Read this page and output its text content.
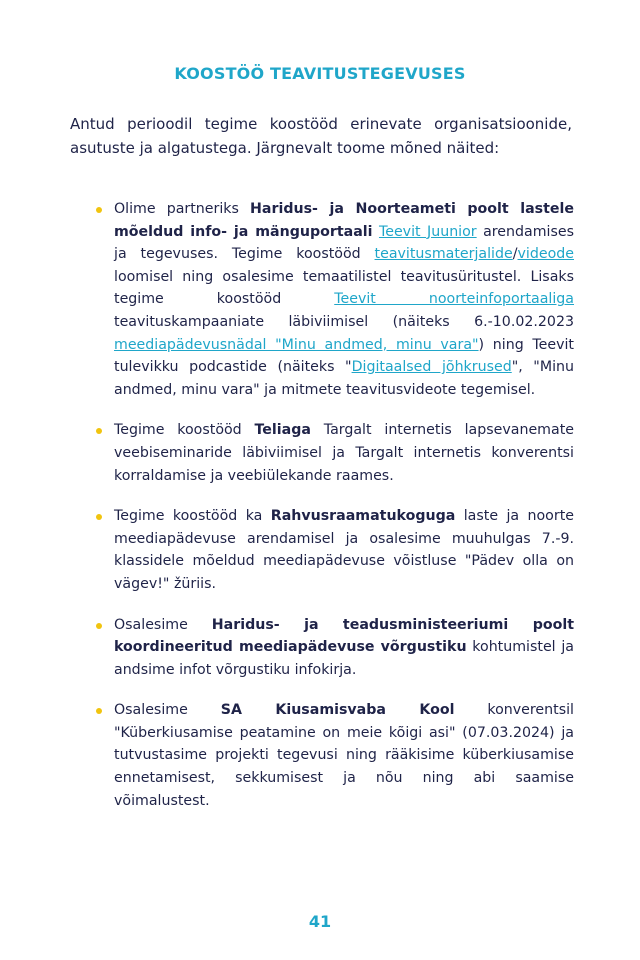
KOOSTÖÖ TEAVITUSTEGEVUSES

Antud perioodil tegime koostööd erinevate organisatsioonide, asutuste ja algatustega. Järgnevalt toome mõned näited:

Olime partneriks Haridus- ja Noorteameti poolt lastele mõeldud info- ja mänguportaali Teevit Juunior arendamises ja tegevuses. Tegime koostööd teavitusmaterjalide/videode loomisel ning osalesime temaatilistel teavitusüritustel. Lisaks tegime koostööd Teevit noorteinfoportaaliga teavituskampaaniate läbiviimisel (näiteks 6.-10.02.2023 meediapädevusnädal "Minu andmed, minu vara") ning Teevit tulevikku podcastide (näiteks "Digitaalsed jõhkrused", "Minu andmed, minu vara" ja mitmete teavitusvideote tegemisel.
Tegime koostööd Teliaga Targalt internetis lapsevanemate veebiseminaride läbiviimisel ja Targalt internetis konverentsi korraldamise ja veebiülekande raames.
Tegime koostööd ka Rahvusraamatukoguga laste ja noorte meediapädevuse arendamisel ja osalesime muuhulgas 7.-9. klassidele mõeldud meediapädevuse võistluse "Pädev olla on vägev!" žüriis.
Osalesime Haridus- ja teadusministeeriumi poolt koordineeritud meediapädevuse võrgustiku kohtumistel ja andsime infot võrgustiku infokirja.
Osalesime SA Kiusamisvaba Kool konverentsil "Küberkiusamise peatamine on meie kõigi asi" (07.03.2024) ja tutvustasime projekti tegevusi ning rääkisime küberkiusamise ennetamisest, sekkumisest ja nõu ning abi saamise võimalustest.
41
